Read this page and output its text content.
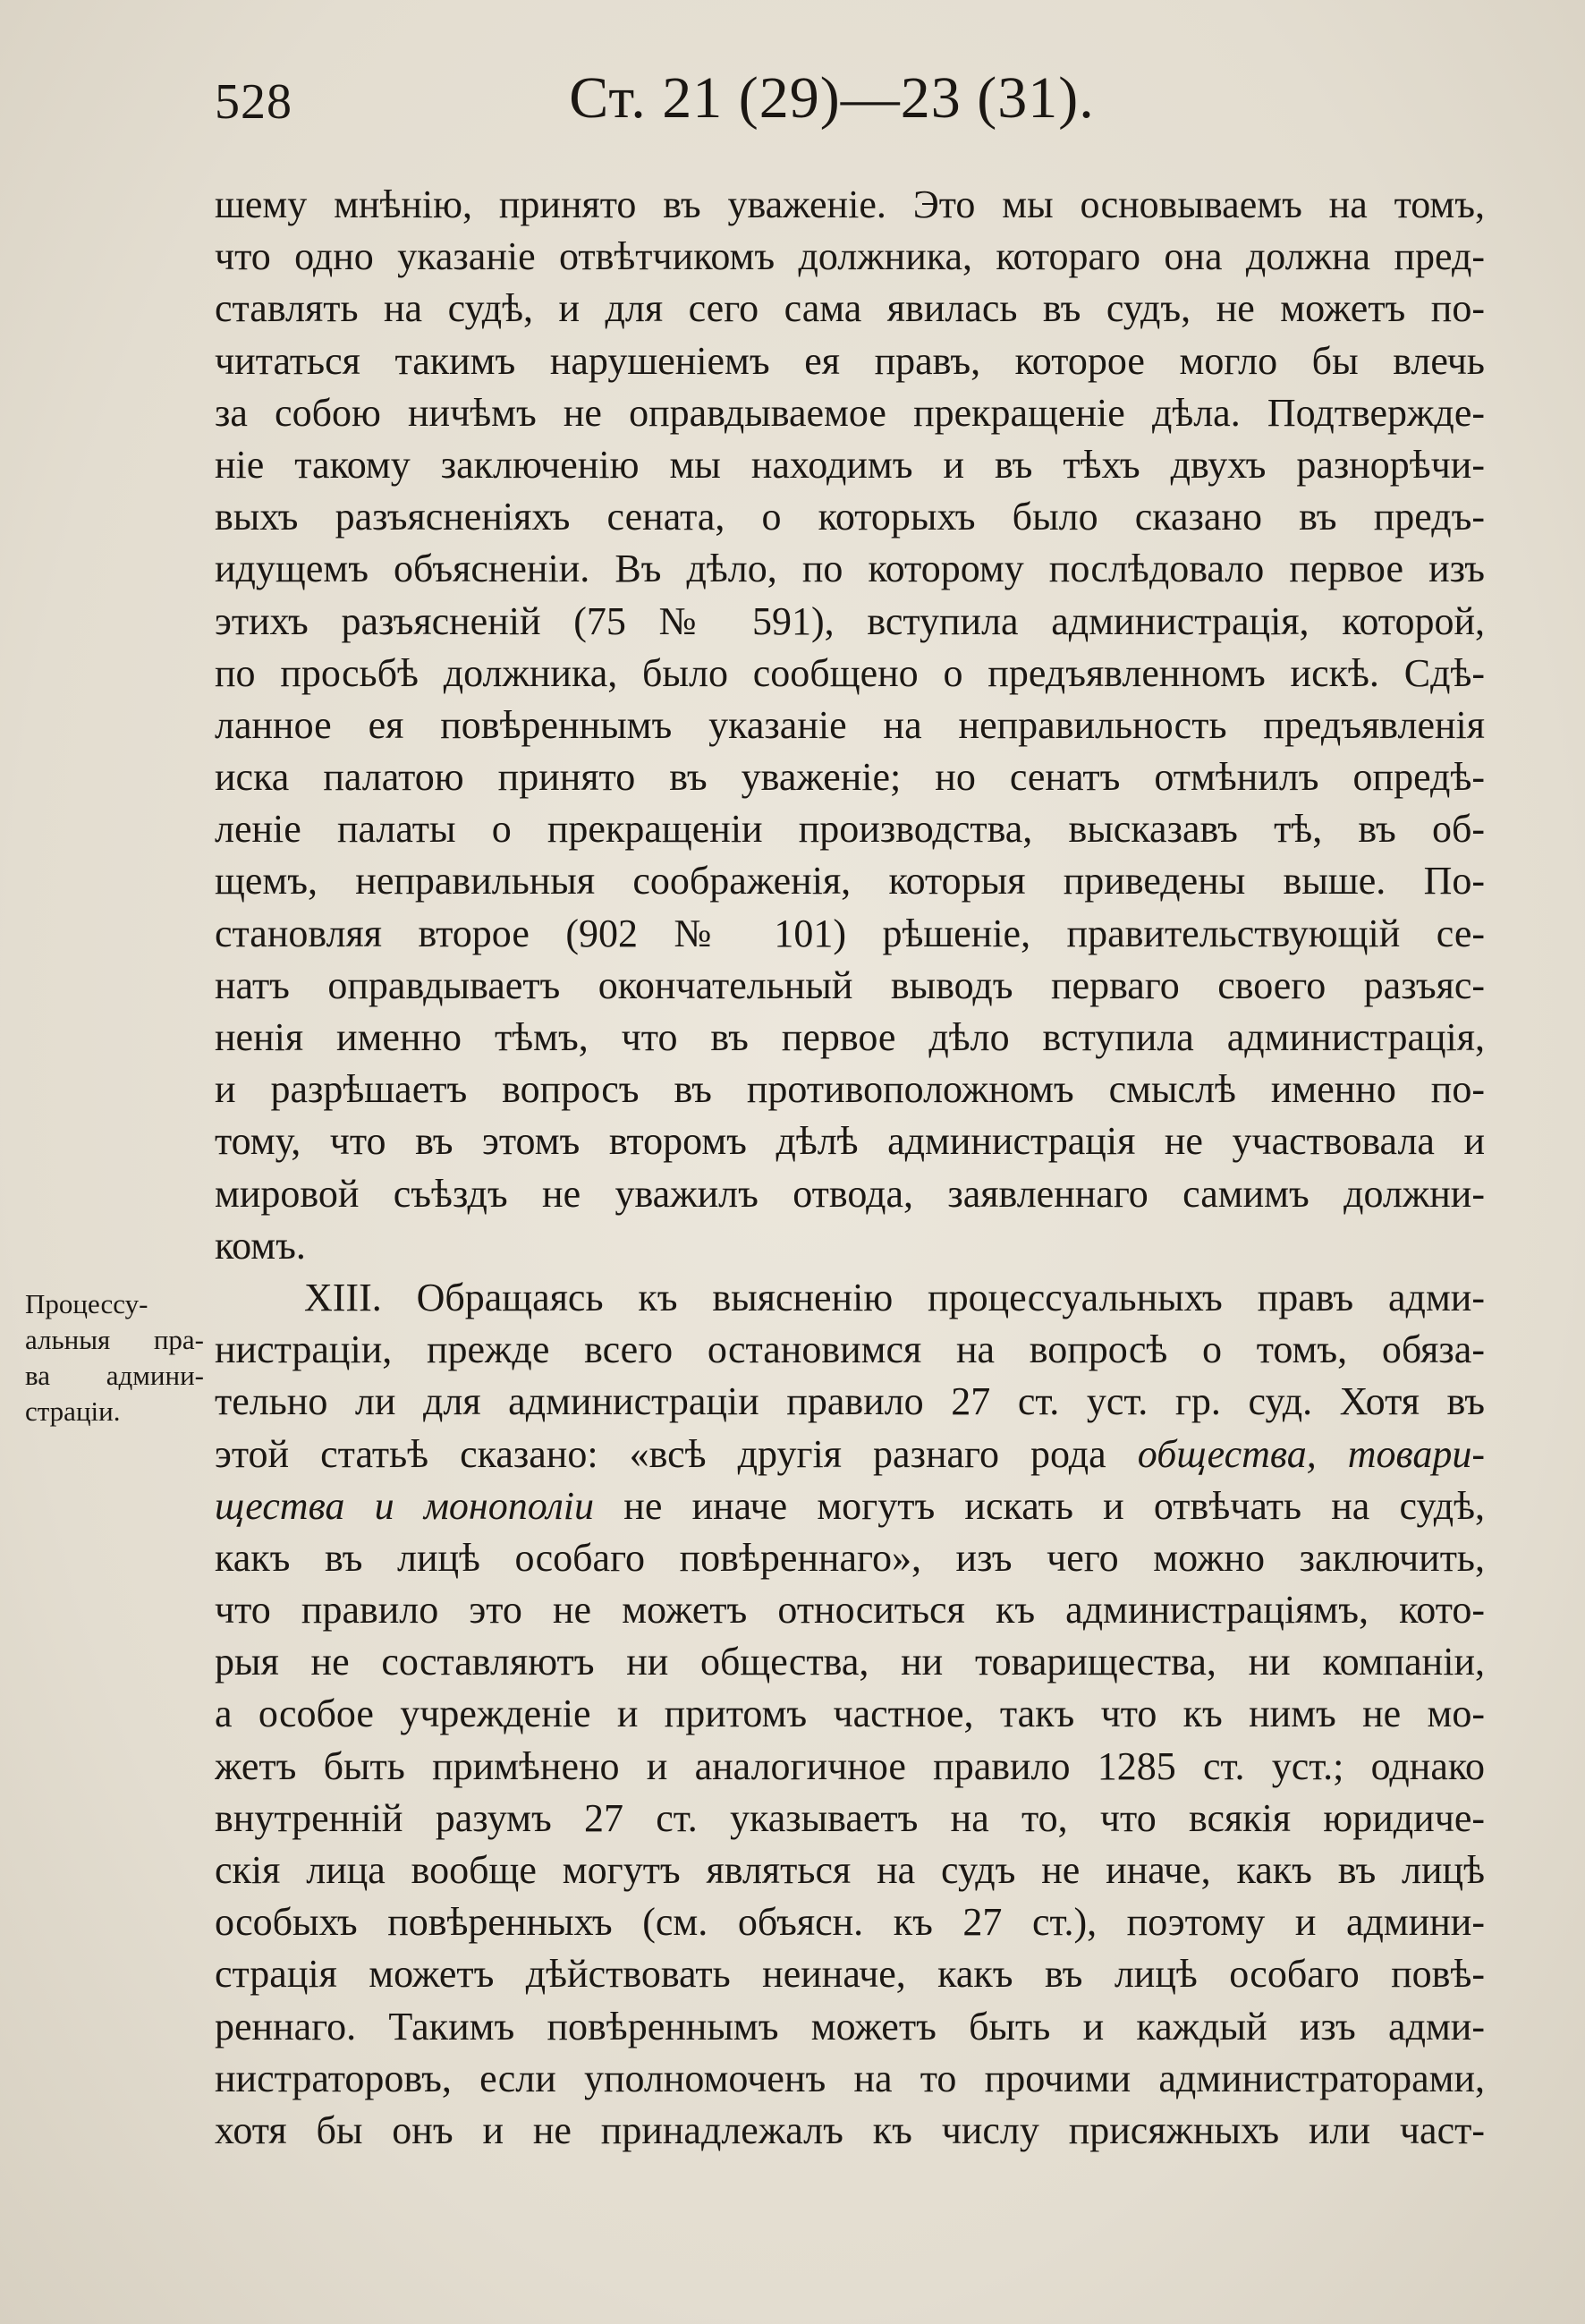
528	Ст. 21 (29)—23 (31).
Процессу-
альныя пра-
ва админи-
страціи.
шему мнѣнію, принято въ уваженіе. Это мы основываемъ на томъ,
что одно указаніе отвѣтчикомъ должника, котораго она должна пред-
ставлять на судѣ, и для сего сама явилась въ судъ, не можетъ по-
читаться такимъ нарушеніемъ ея правъ, которое могло бы влечь
за собою ничѣмъ не оправдываемое прекращеніе дѣла. Подтвержде-
ніе такому заключенію мы находимъ и въ тѣхъ двухъ разнорѣчи-
выхъ разъясненіяхъ сената, о которыхъ было сказано въ предъ-
идущемъ объясненіи. Въ дѣло, по которому послѣдовало первое изъ
этихъ разъясненій (75 № 591), вступила администрація, которой,
по просьбѣ должника, было сообщено о предъявленномъ искѣ. Сдѣ-
ланное ея повѣреннымъ указаніе на неправильность предъявленія
иска палатою принято въ уваженіе; но сенатъ отмѣнилъ опредѣ-
леніе палаты о прекращеніи производства, высказавъ тѣ, въ об-
щемъ, неправильныя соображенія, которыя приведены выше. По-
становляя второе (902 № 101) рѣшеніе, правительствующій се-
натъ оправдываетъ окончательный выводъ перваго своего разъяс-
ненія именно тѣмъ, что въ первое дѣло вступила администрація,
и разрѣшаетъ вопросъ въ противоположномъ смыслѣ именно по-
тому, что въ этомъ второмъ дѣлѣ администрація не участвовала и
мировой съѣздъ не уважилъ отвода, заявленнаго самимъ должни-
комъ.
XIII. Обращаясь къ выясненію процессуальныхъ правъ адми-
нистраціи, прежде всего остановимся на вопросѣ о томъ, обяза-
тельно ли для администраціи правило 27 ст. уст. гр. суд. Хотя въ
этой статьѣ сказано: «всѣ другія разнаго рода общества, товари-
щества и монополіи не иначе могутъ искать и отвѣчать на судѣ,
какъ въ лицѣ особаго повѣреннаго», изъ чего можно заключить,
что правило это не можетъ относиться къ администраціямъ, кото-
рыя не составляютъ ни общества, ни товарищества, ни компаніи,
а особое учрежденіе и притомъ частное, такъ что къ нимъ не мо-
жетъ быть примѣнено и аналогичное правило 1285 ст. уст.; однако
внутренній разумъ 27 ст. указываетъ на то, что всякія юридиче-
скія лица вообще могутъ являться на судъ не иначе, какъ въ лицѣ
особыхъ повѣренныхъ (см. объясн. къ 27 ст.), поэтому и админи-
страція можетъ дѣйствовать неиначе, какъ въ лицѣ особаго повѣ-
реннаго. Такимъ повѣреннымъ можетъ быть и каждый изъ адми-
нистраторовъ, если уполномоченъ на то прочими администраторами,
хотя бы онъ и не принадлежалъ къ числу присяжныхъ или част-
